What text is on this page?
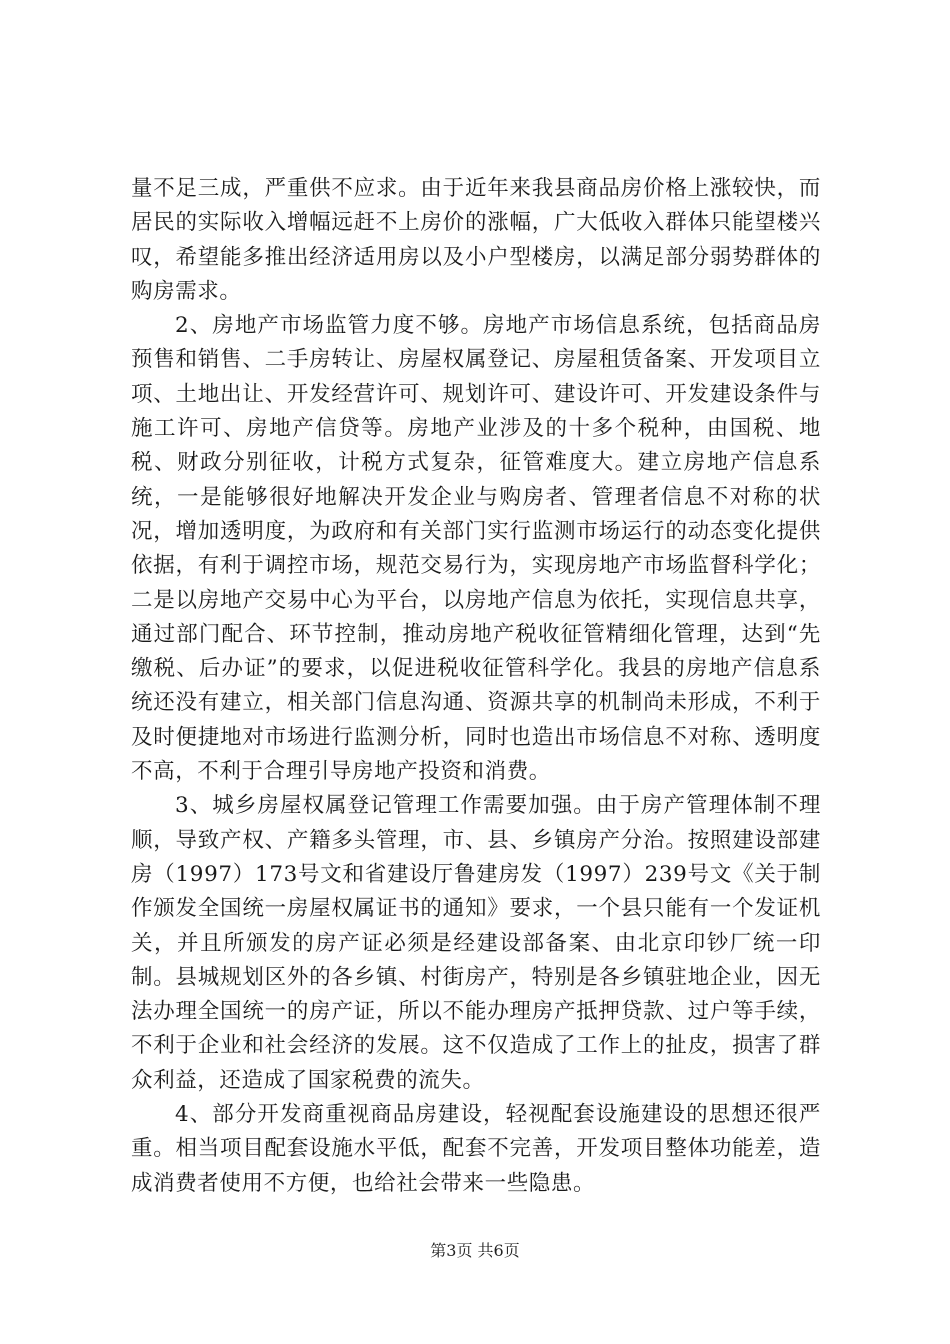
量不足三成，严重供不应求。由于近年来我县商品房价格上涨较快，而居民的实际收入增幅远赶不上房价的涨幅，广大低收入群体只能望楼兴叹，希望能多推出经济适用房以及小户型楼房，以满足部分弱势群体的购房需求。

2、房地产市场监管力度不够。房地产市场信息系统，包括商品房预售和销售、二手房转让、房屋权属登记、房屋租赁备案、开发项目立项、土地出让、开发经营许可、规划许可、建设许可、开发建设条件与施工许可、房地产信贷等。房地产业涉及的十多个税种，由国税、地税、财政分别征收，计税方式复杂，征管难度大。建立房地产信息系统，一是能够很好地解决开发企业与购房者、管理者信息不对称的状况，增加透明度，为政府和有关部门实行监测市场运行的动态变化提供依据，有利于调控市场，规范交易行为，实现房地产市场监督科学化；二是以房地产交易中心为平台，以房地产信息为依托，实现信息共享，通过部门配合、环节控制，推动房地产税收征管精细化管理，达到“先缴税、后办证”的要求，以促进税收征管科学化。我县的房地产信息系统还没有建立，相关部门信息沟通、资源共享的机制尚未形成，不利于及时便捷地对市场进行监测分析，同时也造出市场信息不对称、透明度不高，不利于合理引导房地产投资和消费。

3、城乡房屋权属登记管理工作需要加强。由于房产管理体制不理顺，导致产权、产籍多头管理，市、县、乡镇房产分治。按照建设部建房（1997）173号文和省建设厅鲁建房发（1997）239号文《关于制作颁发全国统一房屋权属证书的通知》要求，一个县只能有一个发证机关，并且所颁发的房产证必须是经建设部备案、由北京印钞厂统一印制。县城规划区外的各乡镇、村街房产，特别是各乡镇驻地企业，因无法办理全国统一的房产证，所以不能办理房产抵押贷款、过户等手续，不利于企业和社会经济的发展。这不仅造成了工作上的扯皮，损害了群众利益，还造成了国家税费的流失。

4、部分开发商重视商品房建设，轻视配套设施建设的思想还很严重。相当项目配套设施水平低，配套不完善，开发项目整体功能差，造成消费者使用不方便，也给社会带来一些隐患。

第3页 共6页
